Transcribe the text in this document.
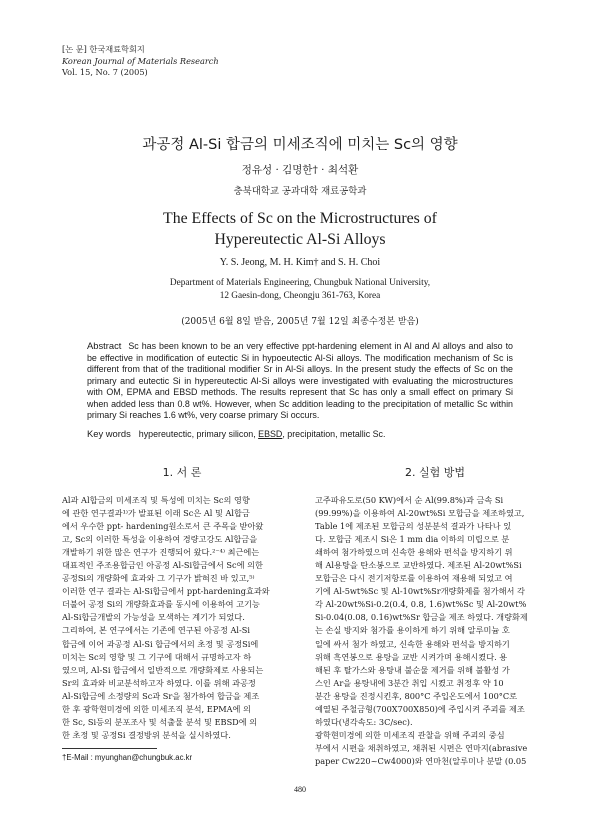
[논 문] 한국재료학회지
Korean Journal of Materials Research
Vol. 15, No. 7 (2005)
과공정 Al-Si 합금의 미세조직에 미치는 Sc의 영향
정유성 · 김명한† · 최석환
충북대학교 공과대학 재료공학과
The Effects of Sc on the Microstructures of
Hypereutectic Al-Si Alloys
Y. S. Jeong, M. H. Kim† and S. H. Choi
Department of Materials Engineering, Chungbuk National University,
12 Gaesin-dong, Cheongju 361-763, Korea
(2005년 6월 8일 받음, 2005년 7월 12일 최종수정본 받음)
Abstract Sc has been known to be an very effective ppt-hardening element in Al and Al alloys and also to be effective in modification of eutectic Si in hypoeutectic Al-Si alloys. The modification mechanism of Sc is different from that of the traditional modifier Sr in Al-Si alloys. In the present study the effects of Sc on the primary and eutectic Si in hypereutectic Al-Si alloys were investigated with evaluating the microstructures with OM, EPMA and EBSD methods. The results represent that Sc has only a small effect on primary Si when added less than 0.8 wt%. However, when Sc addition leading to the precipitation of metallic Sc within primary Si reaches 1.6 wt%, very coarse primary Si occurs.
Key words hypereutectic, primary silicon, EBSD, precipitation, metallic Sc.
1. 서 론	2. 실험 방법
Al과 Al합금의 미세조직 및 특성에 미치는 Sc의 영향
에 관한 연구결과¹⁾가 발표된 이래 Sc은 Al 및 Al합금
에서 우수한 ppt- hardening원소로서 큰 주목을 받아왔
고, Sc의 이러한 특성을 이용하여 경량고강도 Al합금을
개발하기 위한 많은 연구가 진행되어 왔다.²⁻⁴⁾ 최근에는
대표적인 주조용합금인 아공정 Al-Si합금에서 Sc에 의한
공정Si의 개량화에 효과와 그 기구가 밝혀진 바 있고,⁵⁾
이러한 연구 결과는 Al-Si합금에서 ppt-hardening효과와
더불어 공정 Si의 개량화효과를 동시에 이용하여 고기능
Al-Si합금개발의 가능성을 모색하는 계기가 되었다.
그리하여, 본 연구에서는 기존에 연구된 아공정 Al-Si
합금에 이어 과공정 Al-Si 합금에서의 초정 및 공정Si에
미치는 Sc의 영향 및 그 기구에 대해서 규명하고자 하
였으며, Al-Si 합금에서 일반적으로 개량화제로 사용되는
Sr의 효과와 비교분석하고자 하였다. 이를 위해 과공정
Al-Si합금에 소정량의 Sc과 Sr을 첨가하여 합금을 제조
한 후 광학현미경에 의한 미세조직 분석, EPMA에 의
한 Sc, Si등의 분포조사 및 석출물 분석 및 EBSD에 의
한 초정 및 공정Si 결정방위 분석을 실시하였다.
고주파유도로(50 KW)에서 순 Al(99.8%)과 금속 Si
(99.99%)을 이용하여 Al-20wt%Si 모합금을 제조하였고,
Table 1에 제조된 모합금의 성분분석 결과가 나타나 있
다. 모합금 제조시 Si은 1 mm dia 이하의 미립으로 분
쇄하여 첨가하였으며 신속한 용해와 편석을 방지하기 위
해 Al용탕을 탄소봉으로 교반하였다. 제조된 Al-20wt%Si
모합금은 다시 전기저항로를 이용하여 재용해 되었고 여
기에 Al-5wt%Sc 및 Al-10wt%Sr개량화제를 첨가해서 각
각 Al-20wt%Si-0.2(0.4, 0.8, 1.6)wt%Sc 및 Al-20wt%
Si-0.04(0.08, 0.16)wt%Sr 합금을 제조 하였다. 개량화제
는 손실 방지와 첨가를 용이하게 하기 위해 알루미늄 호
일에 싸서 첨가 하였고, 신속한 용해와 편석을 방지하기
위해 흑연봉으로 용탕을 교반 시켜가며 용해시켰다. 용
해된 후 탈가스와 용탕내 불순물 제거를 위해 불활성 가
스인 Ar을 용탕내에 3분간 취입 시켰고 취정후 약 10
분간 용탕을 진정시킨후, 800°C 주입온도에서 100°C로
예열된 주철금형(700X700X850)에 주입시켜 주괴를 제조
하였다(냉각속도: 3C/sec).
광학현미경에 의한 미세조직 관찰을 위해 주괴의 중심
부에서 시편을 채취하였고, 채취된 시편은 연마지(abrasive
paper Cw220~Cw4000)와 연마천(알루미나 분말 (0.05
†E-Mail : myunghan@chungbuk.ac.kr
480
